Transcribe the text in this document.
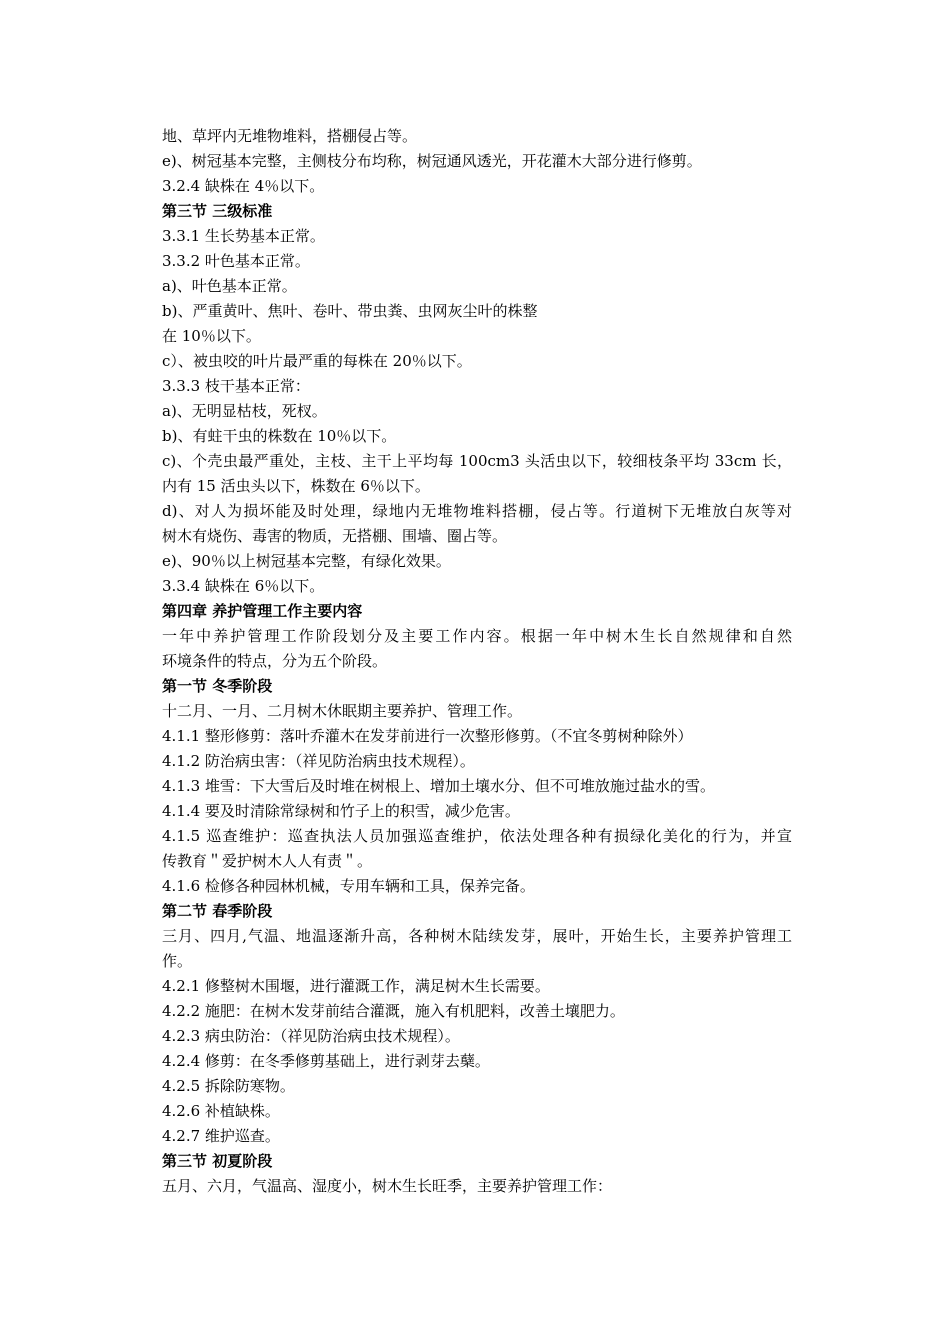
地、草坪内无堆物堆料，搭棚侵占等。
e)、树冠基本完整，主侧枝分布均称，树冠通风透光，开花灌木大部分进行修剪。
3.2.4 缺株在 4％以下。
第三节 三级标准
3.3.1 生长势基本正常。
3.3.2 叶色基本正常。
a)、叶色基本正常。
b)、严重黄叶、焦叶、卷叶、带虫粪、虫网灰尘叶的株整
在 10％以下。
c）、被虫咬的叶片最严重的每株在 20％以下。
3.3.3 枝干基本正常：
a)、无明显枯枝，死杈。
b)、有蛀干虫的株数在 10％以下。
c)、个壳虫最严重处，主枝、主干上平均每 100cm3 头活虫以下，较细枝条平均 33cm 长，
内有 15 活虫头以下，株数在 6％以下。
d)、对人为损坏能及时处理，绿地内无堆物堆料搭棚，侵占等。行道树下无堆放白灰等对
树木有烧伤、毒害的物质，无搭棚、围墙、圈占等。
e)、90％以上树冠基本完整，有绿化效果。
3.3.4 缺株在 6％以下。
第四章 养护管理工作主要内容
一年中养护管理工作阶段划分及主要工作内容。根据一年中树木生长自然规律和自然
环境条件的特点，分为五个阶段。
第一节 冬季阶段
十二月、一月、二月树木休眠期主要养护、管理工作。
4.1.1 整形修剪：落叶乔灌木在发芽前进行一次整形修剪。（不宜冬剪树种除外）
4.1.2 防治病虫害：（祥见防治病虫技术规程）。
4.1.3 堆雪：下大雪后及时堆在树根上、增加土壤水分、但不可堆放施过盐水的雪。
4.1.4 要及时清除常绿树和竹子上的积雪，减少危害。
4.1.5 巡查维护：巡查执法人员加强巡查维护，依法处理各种有损绿化美化的行为，并宣
传教育＂爱护树木人人有责＂。
4.1.6 检修各种园林机械，专用车辆和工具，保养完备。
第二节 春季阶段
三月、四月,气温、地温逐渐升高，各种树木陆续发芽，展叶，开始生长，主要养护管理工
作。
4.2.1 修整树木围堰，进行灌溉工作，满足树木生长需要。
4.2.2 施肥：在树木发芽前结合灌溉，施入有机肥料，改善土壤肥力。
4.2.3 病虫防治：（祥见防治病虫技术规程）。
4.2.4 修剪：在冬季修剪基础上，进行剥芽去蘖。
4.2.5 拆除防寒物。
4.2.6 补植缺株。
4.2.7 维护巡查。
第三节 初夏阶段
五月、六月，气温高、湿度小，树木生长旺季，主要养护管理工作：
